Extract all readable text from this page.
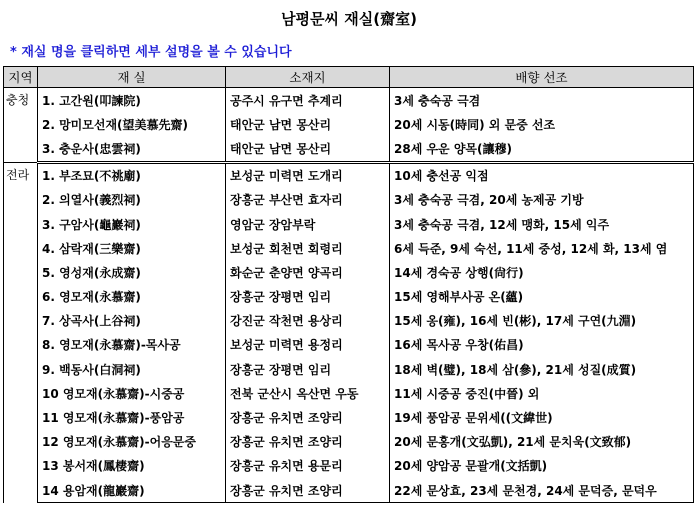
남평문씨 재실(齋室)
* 재실 명을 클릭하면 세부 설명을 볼 수 있습니다
지역	재 실	소재지	배향 선조
충청	1. 고간원(叩諫院)	공주시 유구면 추계리	3세 충숙공 극겸
	2. 망미모선재(望美慕先齋)	태안군 남면 몽산리	20세 시동(時同) 외 문중 선조
	3. 충운사(忠雲祠)	태안군 남면 몽산리	28세 우운 양목(讓穆)
전라	1. 부조묘(不祧廟)	보성군 미력면 도개리	10세 충선공 익점
	2. 의열사(義烈祠)	장흥군 부산면 효자리	3세 충숙공 극겸, 20세 농제공 기방
	3. 구암사(龜巖祠)	영암군 장암부락	3세 충숙공 극겸, 12세 맹화, 15세 익주
	4. 삼락재(三樂齋)	보성군 회천면 회령리	6세 득준, 9세 숙선, 11세 중성, 12세 화, 13세 염
	5. 영성재(永成齋)	화순군 춘양면 양곡리	14세 경숙공 상행(尙行)
	6. 영모재(永慕齋)	장흥군 장평면 임리	15세 영해부사공 온(蘊)
	7. 상곡사(上谷祠)	강진군 작천면 용상리	15세 옹(雍), 16세 빈(彬), 17세 구연(九淵)
	8. 영모재(永慕齋)-목사공	보성군 미력면 용정리	16세 목사공 우창(佑昌)
	9. 백동사(白洞祠)	장흥군 장평면 임리	18세 벽(璧), 18세 삼(參), 21세 성질(成質)
	10 영모재(永慕齋)-시중공	전북 군산시 옥산면 우동	11세 시중공 중진(中晉) 외
	11 영모재(永慕齋)-풍암공	장흥군 유치면 조양리	19세 풍암공 문위세((文緯世)
	12 영모재(永慕齋)-어응문중	장흥군 유치면 조양리	20세 문홍개(文弘凱), 21세 문치욱(文致郁)
	13 봉서재(鳳棲齋)	장흥군 유치면 용문리	20세 양암공 문괄개(文括凱)
	14 용암재(龍巖齋)	장흥군 유치면 조양리	22세 문상효, 23세 문천경, 24세 문덕증, 문덕우
